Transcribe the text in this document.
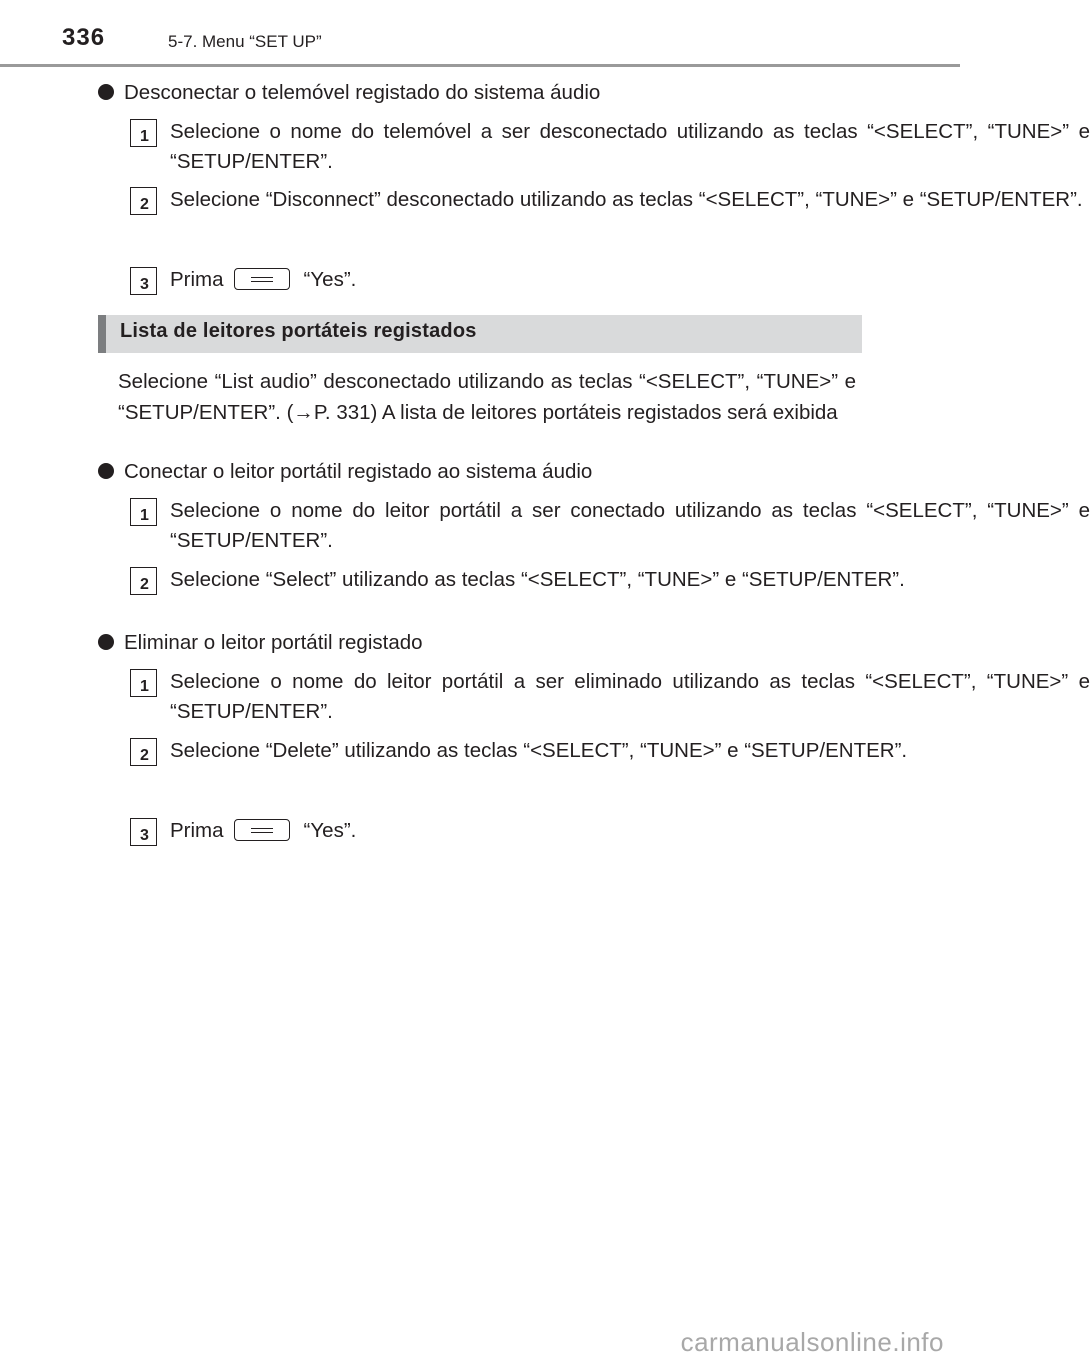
336	5-7. Menu “SET UP”
Desconectar o telemóvel registado do sistema áudio
1 Selecione o nome do telemóvel a ser desconectado utilizando as teclas “<SELECT”, “TUNE>” e “SETUP/ENTER”.
2 Selecione “Disconnect” desconectado utilizando as teclas “<SELECT”, “TUNE>” e “SETUP/ENTER”.
3 Prima	“Yes”.
Lista de leitores portáteis registados
Selecione “List audio” desconectado utilizando as teclas “<SELECT”, “TUNE>” e “SETUP/ENTER”. (→P. 331) A lista de leitores portáteis registados será exibida
Conectar o leitor portátil registado ao sistema áudio
1 Selecione o nome do leitor portátil a ser conectado utilizando as teclas “<SELECT”, “TUNE>” e “SETUP/ENTER”.
2 Selecione “Select” utilizando as teclas “<SELECT”, “TUNE>” e “SETUP/ENTER”.
Eliminar o leitor portátil registado
1 Selecione o nome do leitor portátil a ser eliminado utilizando as teclas “<SELECT”, “TUNE>” e “SETUP/ENTER”.
2 Selecione “Delete” utilizando as teclas “<SELECT”, “TUNE>” e “SETUP/ENTER”.
3 Prima	“Yes”.
carmanualsonline.info
